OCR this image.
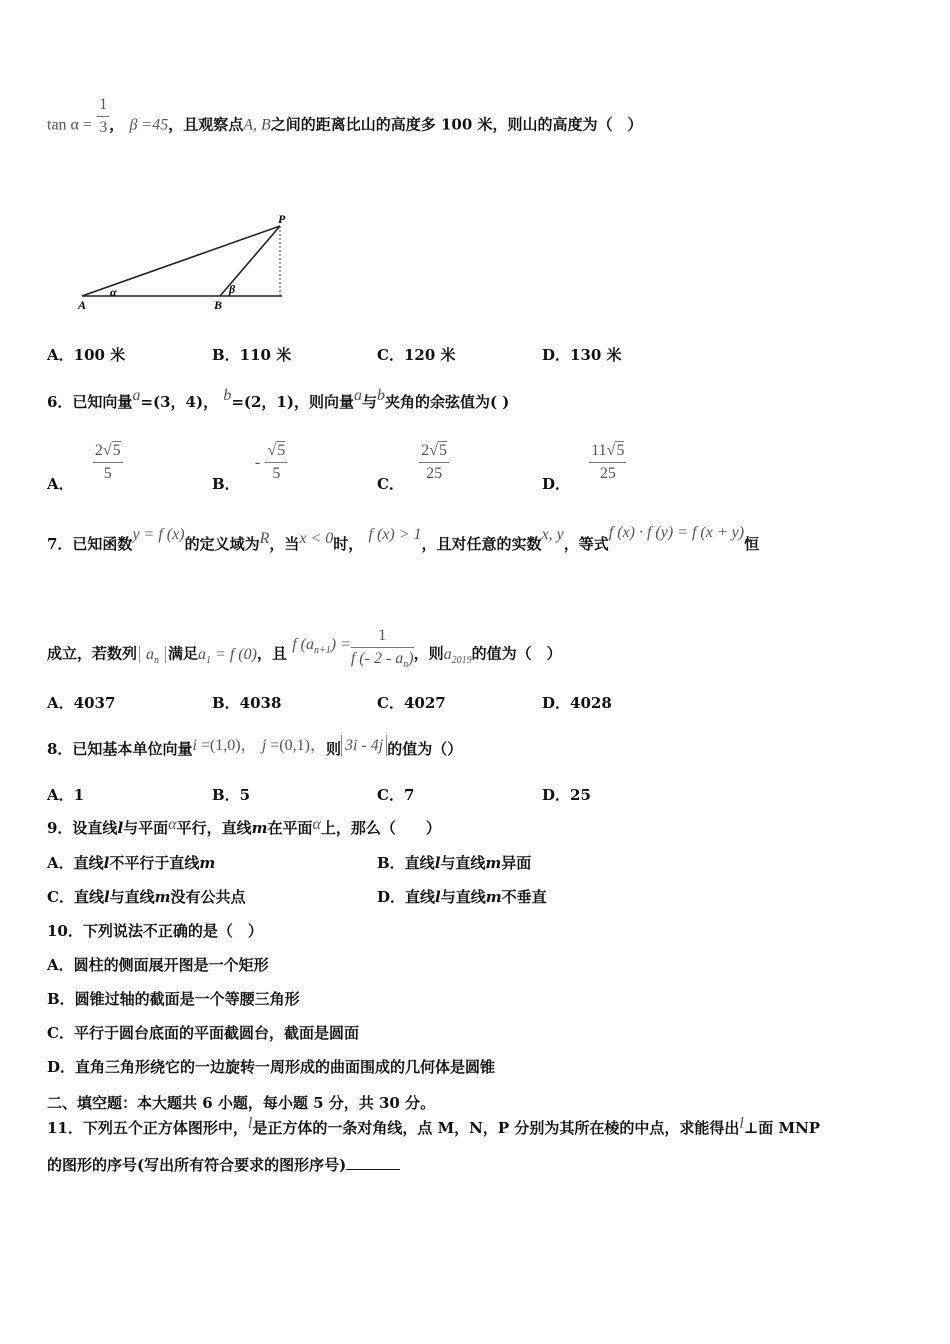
$\tan \alpha = \frac{1}{3}$ ， β =45，且观察点A, B之间的距离比山的高度多 100 米，则山的高度为（　）
P
A	B
α	β
A．100 米	B．110 米	C．120 米	D．130 米
6．已知向量a=(3，4)， b=(2，1)，则向量a与b夹角的余弦值为( )
A． $\frac{2√5}{5}$	B． - $\frac{√5}{5}$	C． $\frac{2√5}{25}$	D． $\frac{11√5}{25}$
7．已知函数y = f (x)的定义域为R，当x < 0时， f (x) > 1，且对任意的实数x, y，等式f (x) · f (y) = f (x + y)恒
成立，若数列 $a_n$ 满足$a_1 = f$ (0)，且 f $(a_{n+1}) = \frac{1}{f (- 2 - a_n)}$ ，则$a_{2019}$的值为（　）
A．4037	B．4038	C．4027	D．4028
8．已知基本单位向量i =(1,0)， j =(0,1)，则 3i - 4j 的值为（）
A．1	B．5	C．7	D．25
9．设直线l与平面α平行，直线m在平面α上，那么（　　）
A．直线l不平行于直线m	B．直线l与直线m异面
C．直线l与直线m没有公共点	D．直线l与直线m不垂直
10．下列说法不正确的是（　）
A．圆柱的侧面展开图是一个矩形
B．圆锥过轴的截面是一个等腰三角形
C．平行于圆台底面的平面截圆台，截面是圆面
D．直角三角形绕它的一边旋转一周形成的曲面围成的几何体是圆锥
二、填空题：本大题共 6 小题，每小题 5 分，共 30 分。
11．下列五个正方体图形中，l是正方体的一条对角线，点 M，N，P 分别为其所在棱的中点，求能得出l⊥面 MNP
的图形的序号(写出所有符合要求的图形序号)
